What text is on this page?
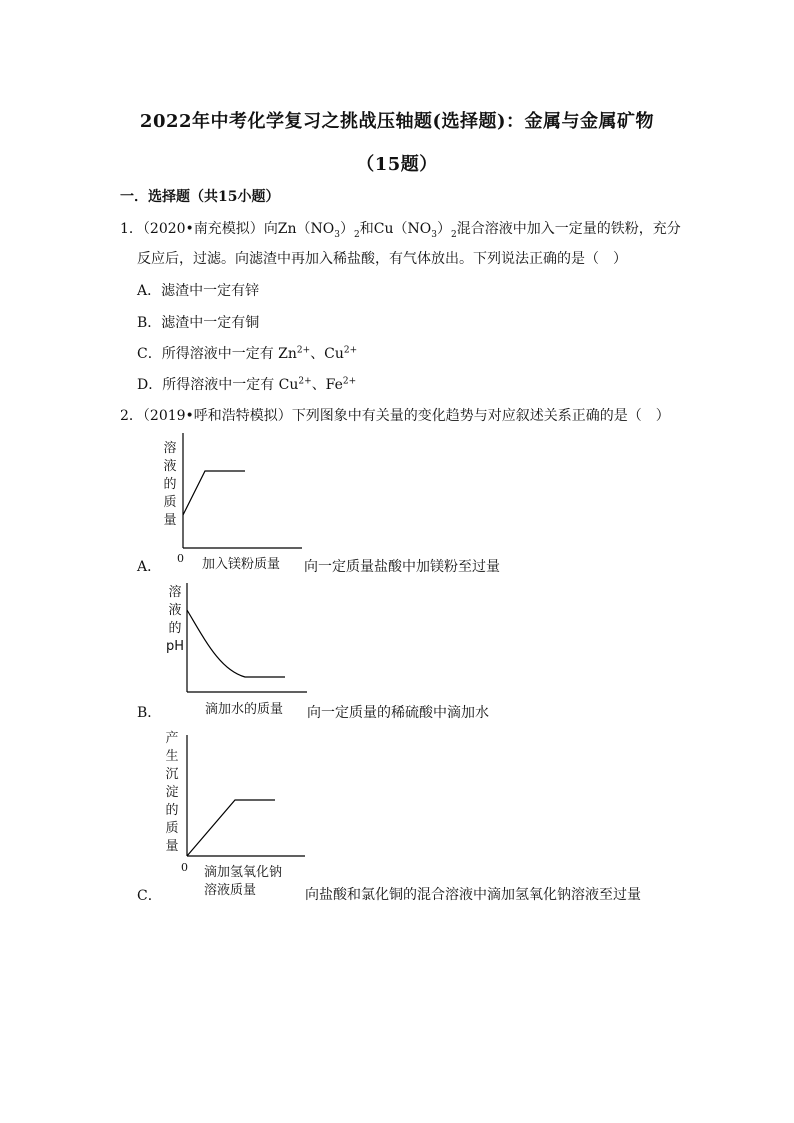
2022年中考化学复习之挑战压轴题(选择题)：金属与金属矿物
（15题）
一．选择题（共15小题）
1．（2020•南充模拟）向$Zn(NO_3)_2$和$Cu(NO_3)_2$混合溶液中加入一定量的铁粉，充分
反应后，过滤。向滤渣中再加入稀盐酸，有气体放出。下列说法正确的是（　）
A．滤渣中一定有锌
B．滤渣中一定有铜
C．所得溶液中一定有 $Zn^{2+}$、$Cu^{2+}$
D．所得溶液中一定有 $Cu^{2+}$、$Fe^{2+}$
2．（2019•呼和浩特模拟）下列图象中有关量的变化趋势与对应叙述关系正确的是（　）
溶
液
的
质
量
0 加入镁粉质量
A．	向一定质量盐酸中加镁粉至过量
溶
液
的
pH
滴加水的质量
B．	向一定质量的稀硫酸中滴加水
产
生
沉
淀
的
质
量
0 滴加氢氧化钠
溶液质量
C．	向盐酸和氯化铜的混合溶液中滴加氢氧化钠溶液至过量
